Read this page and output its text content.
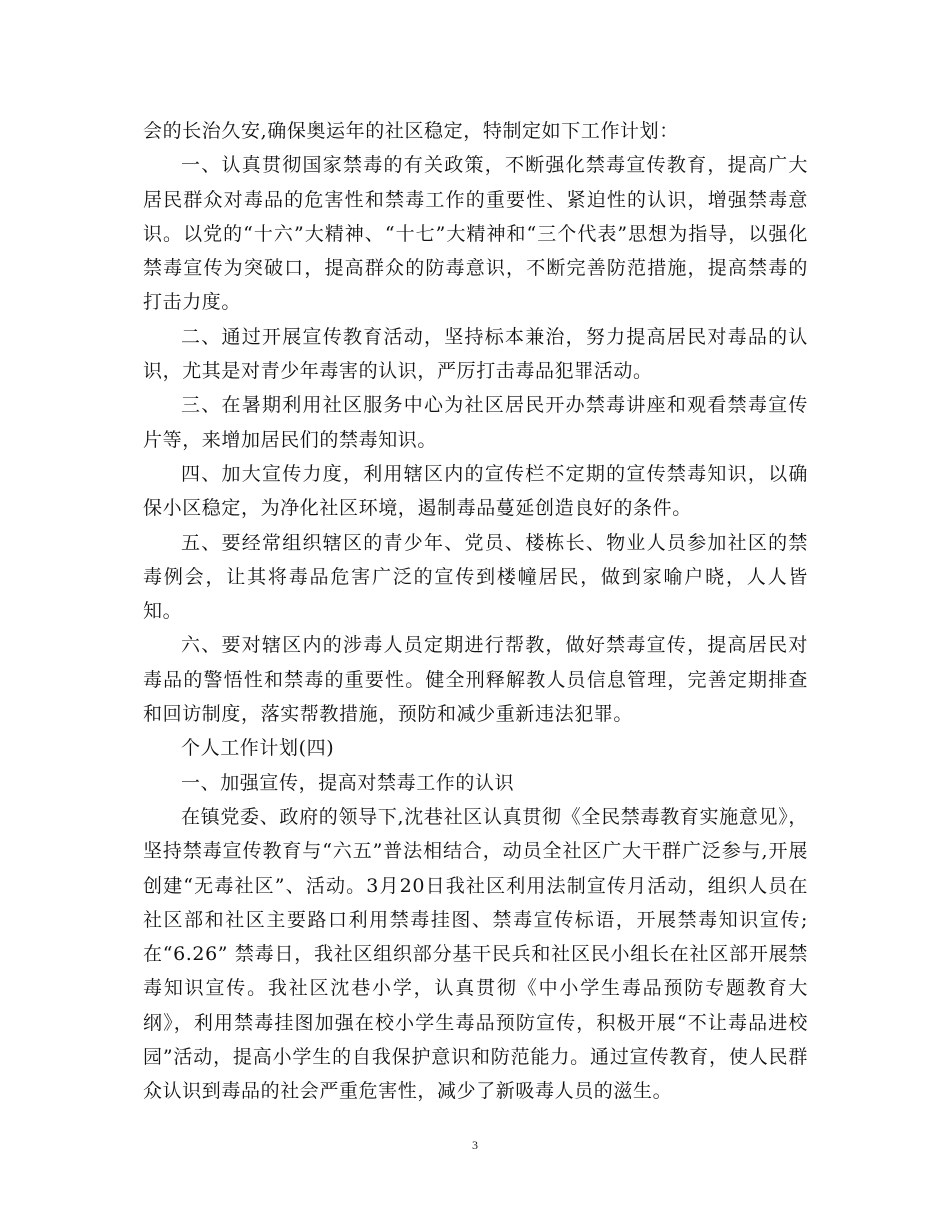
会的长治久安,确保奥运年的社区稳定，特制定如下工作计划：

一、认真贯彻国家禁毒的有关政策，不断强化禁毒宣传教育，提高广大居民群众对毒品的危害性和禁毒工作的重要性、紧迫性的认识，增强禁毒意识。以党的“十六”大精神、“十七”大精神和“三个代表”思想为指导，以强化禁毒宣传为突破口，提高群众的防毒意识，不断完善防范措施，提高禁毒的打击力度。

二、通过开展宣传教育活动，坚持标本兼治，努力提高居民对毒品的认识，尤其是对青少年毒害的认识，严厉打击毒品犯罪活动。

三、在暑期利用社区服务中心为社区居民开办禁毒讲座和观看禁毒宣传片等，来增加居民们的禁毒知识。

四、加大宣传力度，利用辖区内的宣传栏不定期的宣传禁毒知识，以确保小区稳定，为净化社区环境，遏制毒品蔓延创造良好的条件。

五、要经常组织辖区的青少年、党员、楼栋长、物业人员参加社区的禁毒例会，让其将毒品危害广泛的宣传到楼幢居民，做到家喻户晓，人人皆知。

六、要对辖区内的涉毒人员定期进行帮教，做好禁毒宣传，提高居民对毒品的警悟性和禁毒的重要性。健全刑释解教人员信息管理，完善定期排查和回访制度，落实帮教措施，预防和减少重新违法犯罪。

个人工作计划(四)

一、加强宣传，提高对禁毒工作的认识

在镇党委、政府的领导下,沈巷社区认真贯彻《全民禁毒教育实施意见》，坚持禁毒宣传教育与“六五”普法相结合，动员全社区广大干群广泛参与,开展创建“无毒社区”、活动。3月20日我社区利用法制宣传月活动，组织人员在社区部和社区主要路口利用禁毒挂图、禁毒宣传标语，开展禁毒知识宣传;在“6.26” 禁毒日，我社区组织部分基干民兵和社区民小组长在社区部开展禁毒知识宣传。我社区沈巷小学，认真贯彻《中小学生毒品预防专题教育大纲》，利用禁毒挂图加强在校小学生毒品预防宣传，积极开展“不让毒品进校园”活动，提高小学生的自我保护意识和防范能力。通过宣传教育，使人民群众认识到毒品的社会严重危害性，减少了新吸毒人员的滋生。

3
